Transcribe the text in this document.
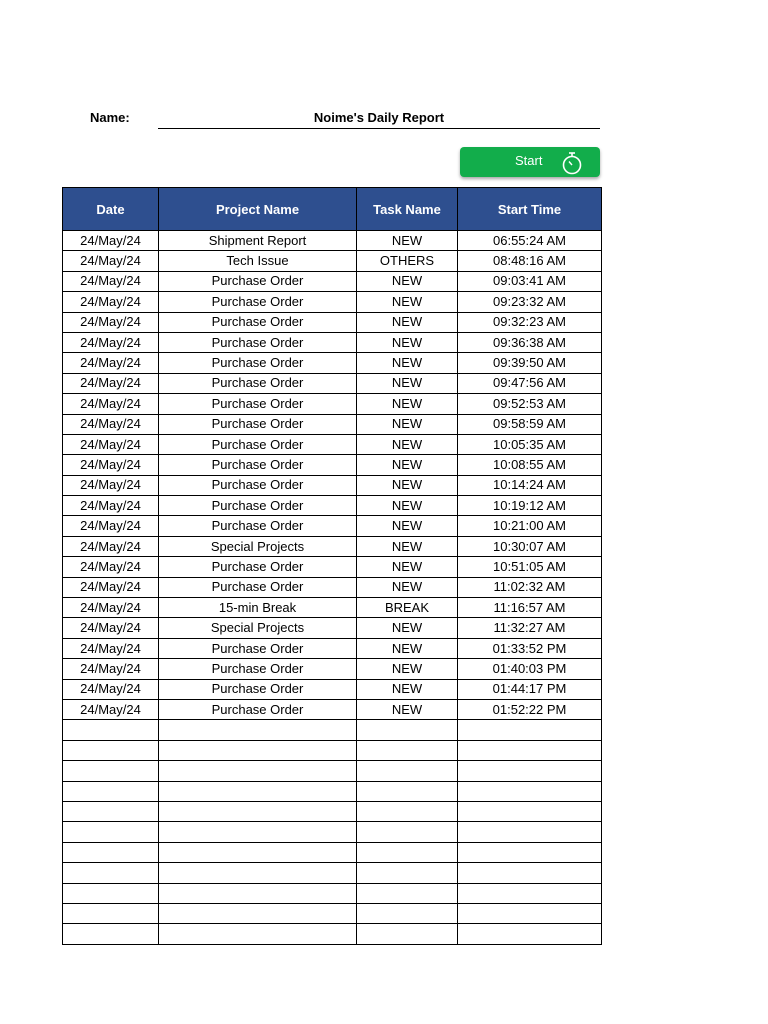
Name:	Noime's Daily Report
Start
Date	Project Name	Task Name	Start Time
24/May/24	Shipment Report	NEW	06:55:24 AM
24/May/24	Tech Issue	OTHERS	08:48:16 AM
24/May/24	Purchase Order	NEW	09:03:41 AM
24/May/24	Purchase Order	NEW	09:23:32 AM
24/May/24	Purchase Order	NEW	09:32:23 AM
24/May/24	Purchase Order	NEW	09:36:38 AM
24/May/24	Purchase Order	NEW	09:39:50 AM
24/May/24	Purchase Order	NEW	09:47:56 AM
24/May/24	Purchase Order	NEW	09:52:53 AM
24/May/24	Purchase Order	NEW	09:58:59 AM
24/May/24	Purchase Order	NEW	10:05:35 AM
24/May/24	Purchase Order	NEW	10:08:55 AM
24/May/24	Purchase Order	NEW	10:14:24 AM
24/May/24	Purchase Order	NEW	10:19:12 AM
24/May/24	Purchase Order	NEW	10:21:00 AM
24/May/24	Special Projects	NEW	10:30:07 AM
24/May/24	Purchase Order	NEW	10:51:05 AM
24/May/24	Purchase Order	NEW	11:02:32 AM
24/May/24	15-min Break	BREAK	11:16:57 AM
24/May/24	Special Projects	NEW	11:32:27 AM
24/May/24	Purchase Order	NEW	01:33:52 PM
24/May/24	Purchase Order	NEW	01:40:03 PM
24/May/24	Purchase Order	NEW	01:44:17 PM
24/May/24	Purchase Order	NEW	01:52:22 PM
